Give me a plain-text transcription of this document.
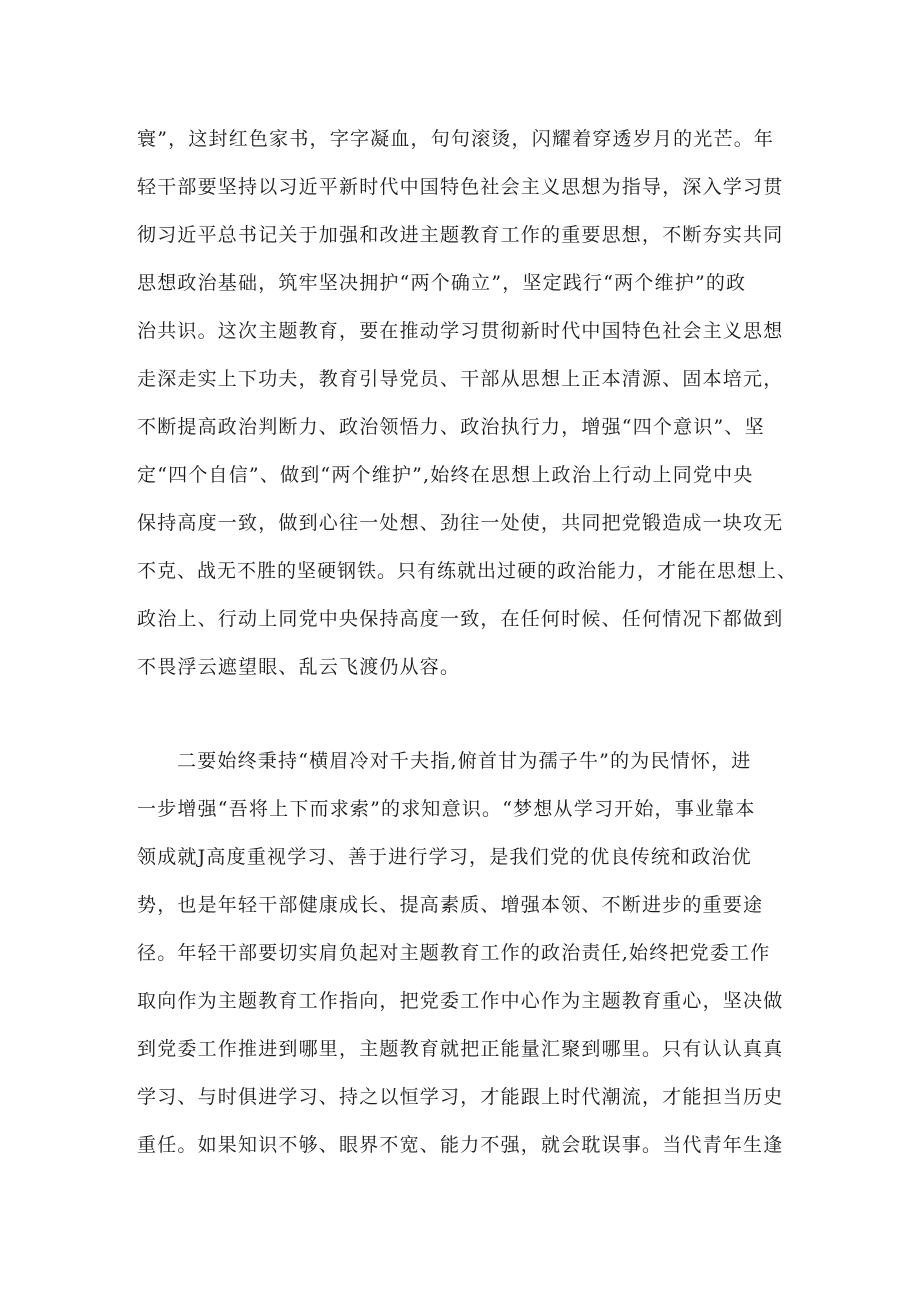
寰”，这封红色家书，字字凝血，句句滚烫，闪耀着穿透岁月的光芒。年
轻干部要坚持以习近平新时代中国特色社会主义思想为指导，深入学习贯
彻习近平总书记关于加强和改进主题教育工作的重要思想，不断夯实共同
思想政治基础，筑牢坚决拥护“两个确立”，坚定践行“两个维护”的政
治共识。这次主题教育，要在推动学习贯彻新时代中国特色社会主义思想
走深走实上下功夫，教育引导党员、干部从思想上正本清源、固本培元，
不断提高政治判断力、政治领悟力、政治执行力，增强“四个意识”、坚
定“四个自信”、做到“两个维护”,始终在思想上政治上行动上同党中央
保持高度一致，做到心往一处想、劲往一处使，共同把党锻造成一块攻无
不克、战无不胜的坚硬钢铁。只有练就出过硬的政治能力，才能在思想上、
政治上、行动上同党中央保持高度一致，在任何时候、任何情况下都做到
不畏浮云遮望眼、乱云飞渡仍从容。
二要始终秉持“横眉冷对千夫指,俯首甘为孺子牛”的为民情怀，进
一步增强“吾将上下而求索”的求知意识。“梦想从学习开始，事业靠本
领成就J高度重视学习、善于进行学习，是我们党的优良传统和政治优
势，也是年轻干部健康成长、提高素质、增强本领、不断进步的重要途
径。年轻干部要切实肩负起对主题教育工作的政治责任,始终把党委工作
取向作为主题教育工作指向，把党委工作中心作为主题教育重心，坚决做
到党委工作推进到哪里，主题教育就把正能量汇聚到哪里。只有认认真真
学习、与时俱进学习、持之以恒学习，才能跟上时代潮流，才能担当历史
重任。如果知识不够、眼界不宽、能力不强，就会耽误事。当代青年生逢
